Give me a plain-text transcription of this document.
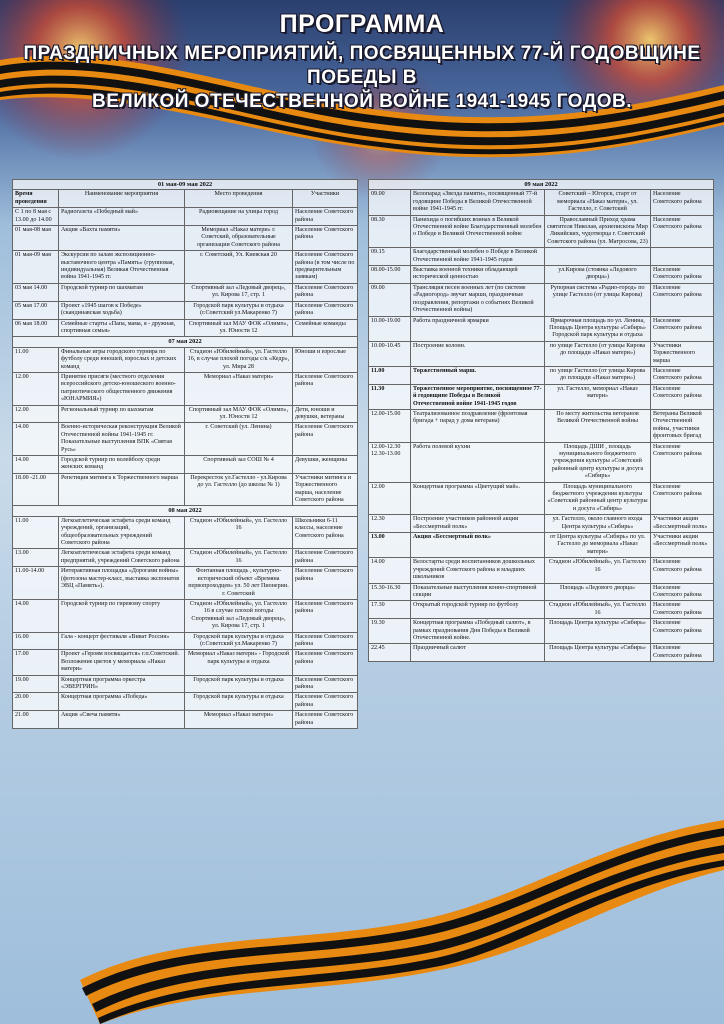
ПРОГРАММА
ПРАЗДНИЧНЫХ МЕРОПРИЯТИЙ, ПОСВЯЩЕННЫХ 77-Й ГОДОВЩИНЕ ПОБЕДЫ В
ВЕЛИКОЙ ОТЕЧЕСТВЕННОЙ ВОЙНЕ 1941-1945 ГОДОВ.
01 мая-09 мая 2022			
Время проведения	Наименование мероприятия	Место проведения	Участники
С 1 по 8 мая с 13.00 до 14.00	Радиогазета «Победный май»	Радиовещание на улицы город	Население Советского района
01 мая-08 мая	Акция «Вахта памяти»	Мемориал «Наказ матери» г. Советский, образовательные организации Советского района	Население Советского района
01 мая-09 мая	Экскурсии по залам экспозиционно-выставочного центра «Память» (групповая, индивидуальная) Великая Отечественная война 1941-1945 гг.	г. Советский, Ул. Киевская 20	Население Советского района (в том числе по предварительным заявкам)
03 мая 14.00	Городской турнир по шахматам	Спортивный зал «Ледовый дворец», ул. Кирова 17, стр. 1	Население Советского района
05 мая 17.00	Проект «1945 шагов к Победе» (скандинавская ходьба)	Городской парк культуры и отдыха (г.Советский ул.Макаренко 7)	Население Советского района
06 мая 18.00	Семейные старты «Папа, мама, я - дружная, спортивная семья»	Спортивный зал МАУ ФОК «Олимп», ул. Юности 12	Семейные команды
07 мая 2022			
11.00	Финальные игры городского турнира по футболу среди юношей, взрослых и детских команд	Стадион «Юбилейный», ул. Гастелло 16, в случае плохой погоды с/к «Кедр», ул. Мира 28	Юноши и взрослые
12.00	Принятие присяги (местного отделения всероссийского детско-юношеского военно-патриотического общественного движения «ЮНАРМИЯ»)	Мемориал «Наказ матери»	Население Советского района
12.00	Региональный турнир по шахматам	Спортивный зал МАУ ФОК «Олимп», ул. Юности 12	Дети, юноши и девушки, ветераны
14.00	Военно-историческая реконструкция Великой Отечественной войны 1941-1945 гг. Показательные выступления ВПК «Святая Русь»	г. Советский (ул. Ленина)	Население Советского района
14.00	Городской турнир по волейболу среди женских команд	Спортивный зал СОШ № 4	Девушки, женщины
18.00 -21.00	Репетиция митинга к Торжественного марша	Перекресток ул.Гастелло - ул.Кирова до ул. Гастелло (до школы № 1)	Участники митинга и Торжественного марша, население Советского района
08 мая 2022			
11.00	Легкоатлетическая эстафета среди команд учреждений, организаций, общеобразовательных учреждений Советского района	Стадион «Юбилейный», ул. Гастелло 16	Школьники 6-11 классы, население Советского района
13.00	Легкоатлетическая эстафета среди команд предприятий, учреждений Советского района	Стадион «Юбилейный», ул. Гастелло 16	Население Советского района
11.00-14.00	Интерактивная площадка «Дорогами войны» (фотозона мастер-класс, выставка экспонатов ЭВЦ «Память»).	Фонтанная площадь , культурно-исторический объект «Времяна первопроходцев» ул. 50 лет Пионерии. г. Советский	Население Советского района
14.00	Городской турнир по гиревому спорту	Стадион «Юбилейный», ул. Гастелло 16 в случае плохой погоды Спортивный зал «Ледовый дворец», ул. Кирова 17, стр. 1	Население Советского района
16.00	Гала - концерт фестиваля «Виват Россия»	Городской парк культуры и отдыха (г.Советский ул.Макаренко 7)	Население Советского района
17.00	Проект «Героям посвящается» г.п.Советский. Возложение цветов у мемориала «Наказ матери»	Мемориал «Наказ матери» - Городской парк культуры и отдыха	Население Советского района
19.00	Концертная программа оркестра «ЭВЕРГРИН»	Городской парк культуры и отдыха	Население Советского района
20.00	Концертная программа «Победа»	Городской парк культуры и отдыха	Население Советского района
21.00	Акция «Свеча памяти»	Мемориал «Наказ матери»	Население Советского района
09 мая 2022			
09.00	Велопарад «Звезда памяти», посвященный 77-й годовщине Победы в Великой Отечественной войне 1941-1945 гг.	Советский – Югорск, старт от мемориала «Наказ матери», ул. Гастелло, г. Советский	Население Советского района
08.30	Панихида о погибших воинах в Великой Отечественной войне Благодарственный молебен о Победе в Великой Отечественной войне	Православный Приход храма святителя Николая, архиепископа Мир Ликийских, чудотворца г. Советский Советского района (ул. Матросова, 23)	Население Советского района
09.15	Благодарственный молебен о Победе в Великой Отечественной войне 1941-1945 годов		
08.00-15.00	Выставка военной техники обладающей исторической ценностью	ул.Кирова (стоянка «Ледового дворца»)	Население Советского района
09.00	Трансляция песен военных лет (по системе «Радиогород» звучат марши, праздничные поздравления, репортажи о событиях Великой Отечественной войны)	Рупорная система «Радио-город» по улице Гастелло (от улицы Кирова)	Население Советского района
10.00-19.00	Работа праздничной ярмарки	Ярмарочная площадь по ул. Ленина, Площадь Центра культуры «Сибирь» Городской парк культуры и отдыха	Население Советского района
10.00-10.45	Построение колонн.	по улице Гастелло (от улицы Кирова до площади «Наказ матери»)	Участники Торжественного марша
11.00	Торжественный марш.	по улице Гастелло (от улицы Кирова до площади «Наказ матери»)	Население Советского района
11.30	Торжественное мероприятие, посвященное 77-й годовщине Победы в Великой Отечественной войне 1941-1945 годов	ул. Гастелло, мемориал «Наказ матери»	Население Советского района
12.00-15.00	Театрализованное поздравление (фронтовая бригада + парад у дома ветерана)	По месту жительства ветеранов Великой Отечественной войны	Ветераны Великой Отечественной войны, участники фронтовых бригад
12.00-12.30 12.30-13.00	Работа полевой кухни	Площадь ДШИ , площадь муниципального бюджетного учреждения культуры «Советский районный центр культуры и досуга «Сибирь»	Население Советского района
12.00	Концертная программа «Цветущий май».	Площадь муниципального бюджетного учреждения культуры «Советский районный центр культуры и досуга «Сибирь»	Население Советского района
12.30	Построение участников районной акции «Бессмертный полк»	ул. Гастелло, около главного входа Центра культуры «Сибирь»	Участники акции «Бессмертный полк»
13.00	Акция «Бессмертный полк»	от Центра культуры «Сибирь» по ул. Гастелло до мемориала «Наказ матери»	Участники акции «Бессмертный полк»
14.00	Велостарты среди воспитанников дошкольных учреждений Советского района и младших школьников	Стадион «Юбилейный», ул. Гастелло 16	Население Советского района
15.30-16.30	Показательные выступления конно-спортивной секции	Площадь «Ледового дворца»	Население Советского района
17.30	Открытый городской турнир по футболу	Стадион «Юбилейный», ул. Гастелло 16	Население Советского района
19.30	Концертная программа «Победный салют», в рамках празднования Дня Победы в Великой Отечественной войне.	Площадь Центра культуры «Сибирь»	Население Советского района
22.45	Праздничный салют	Площадь Центра культуры «Сибирь»	Население Советского района
